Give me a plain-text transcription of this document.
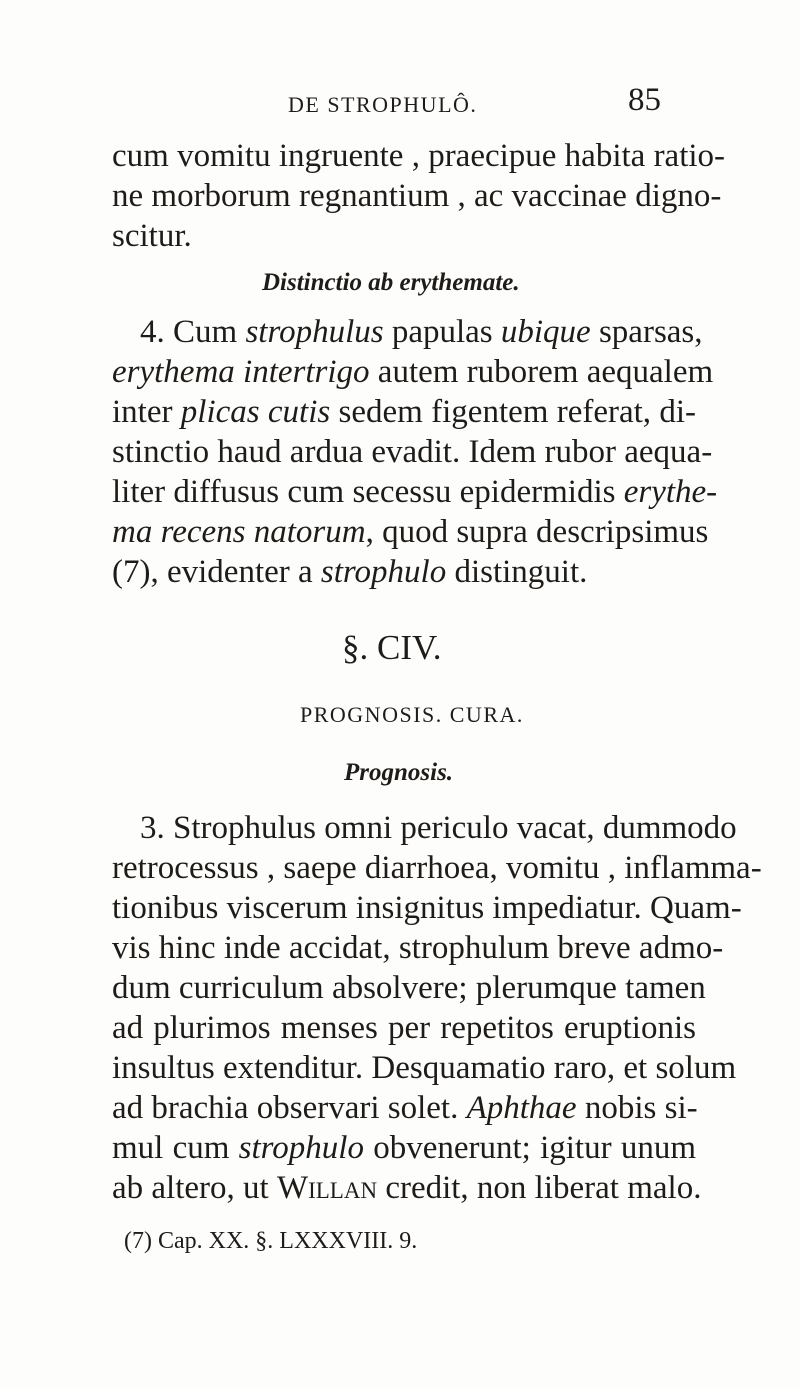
DE STROPHULÔ.	85
cum vomitu ingruente , praecipue habita ratio-
ne morborum regnantium , ac vaccinae digno-
scitur.
Distinctio ab erythemate.
4. Cum strophulus papulas ubique sparsas,
erythema intertrigo autem ruborem aequalem
inter plicas cutis sedem figentem referat, di-
stinctio haud ardua evadit. Idem rubor aequa-
liter diffusus cum secessu epidermidis erythe-
ma recens natorum, quod supra descripsimus
(7), evidenter a strophulo distinguit.
§. CIV.
PROGNOSIS. CURA.
Prognosis.
3. Strophulus omni periculo vacat, dummodo
retrocessus , saepe diarrhoea, vomitu , inflamma-
tionibus viscerum insignitus impediatur. Quam-
vis hinc inde accidat, strophulum breve admo-
dum curriculum absolvere; plerumque tamen
ad plurimos menses per repetitos eruptionis
insultus extenditur. Desquamatio raro, et solum
ad brachia observari solet. Aphthae nobis si-
mul cum strophulo obvenerunt; igitur unum
ab altero, ut Willan credit, non liberat malo.
(7) Cap. XX. §. LXXXVIII. 9.
